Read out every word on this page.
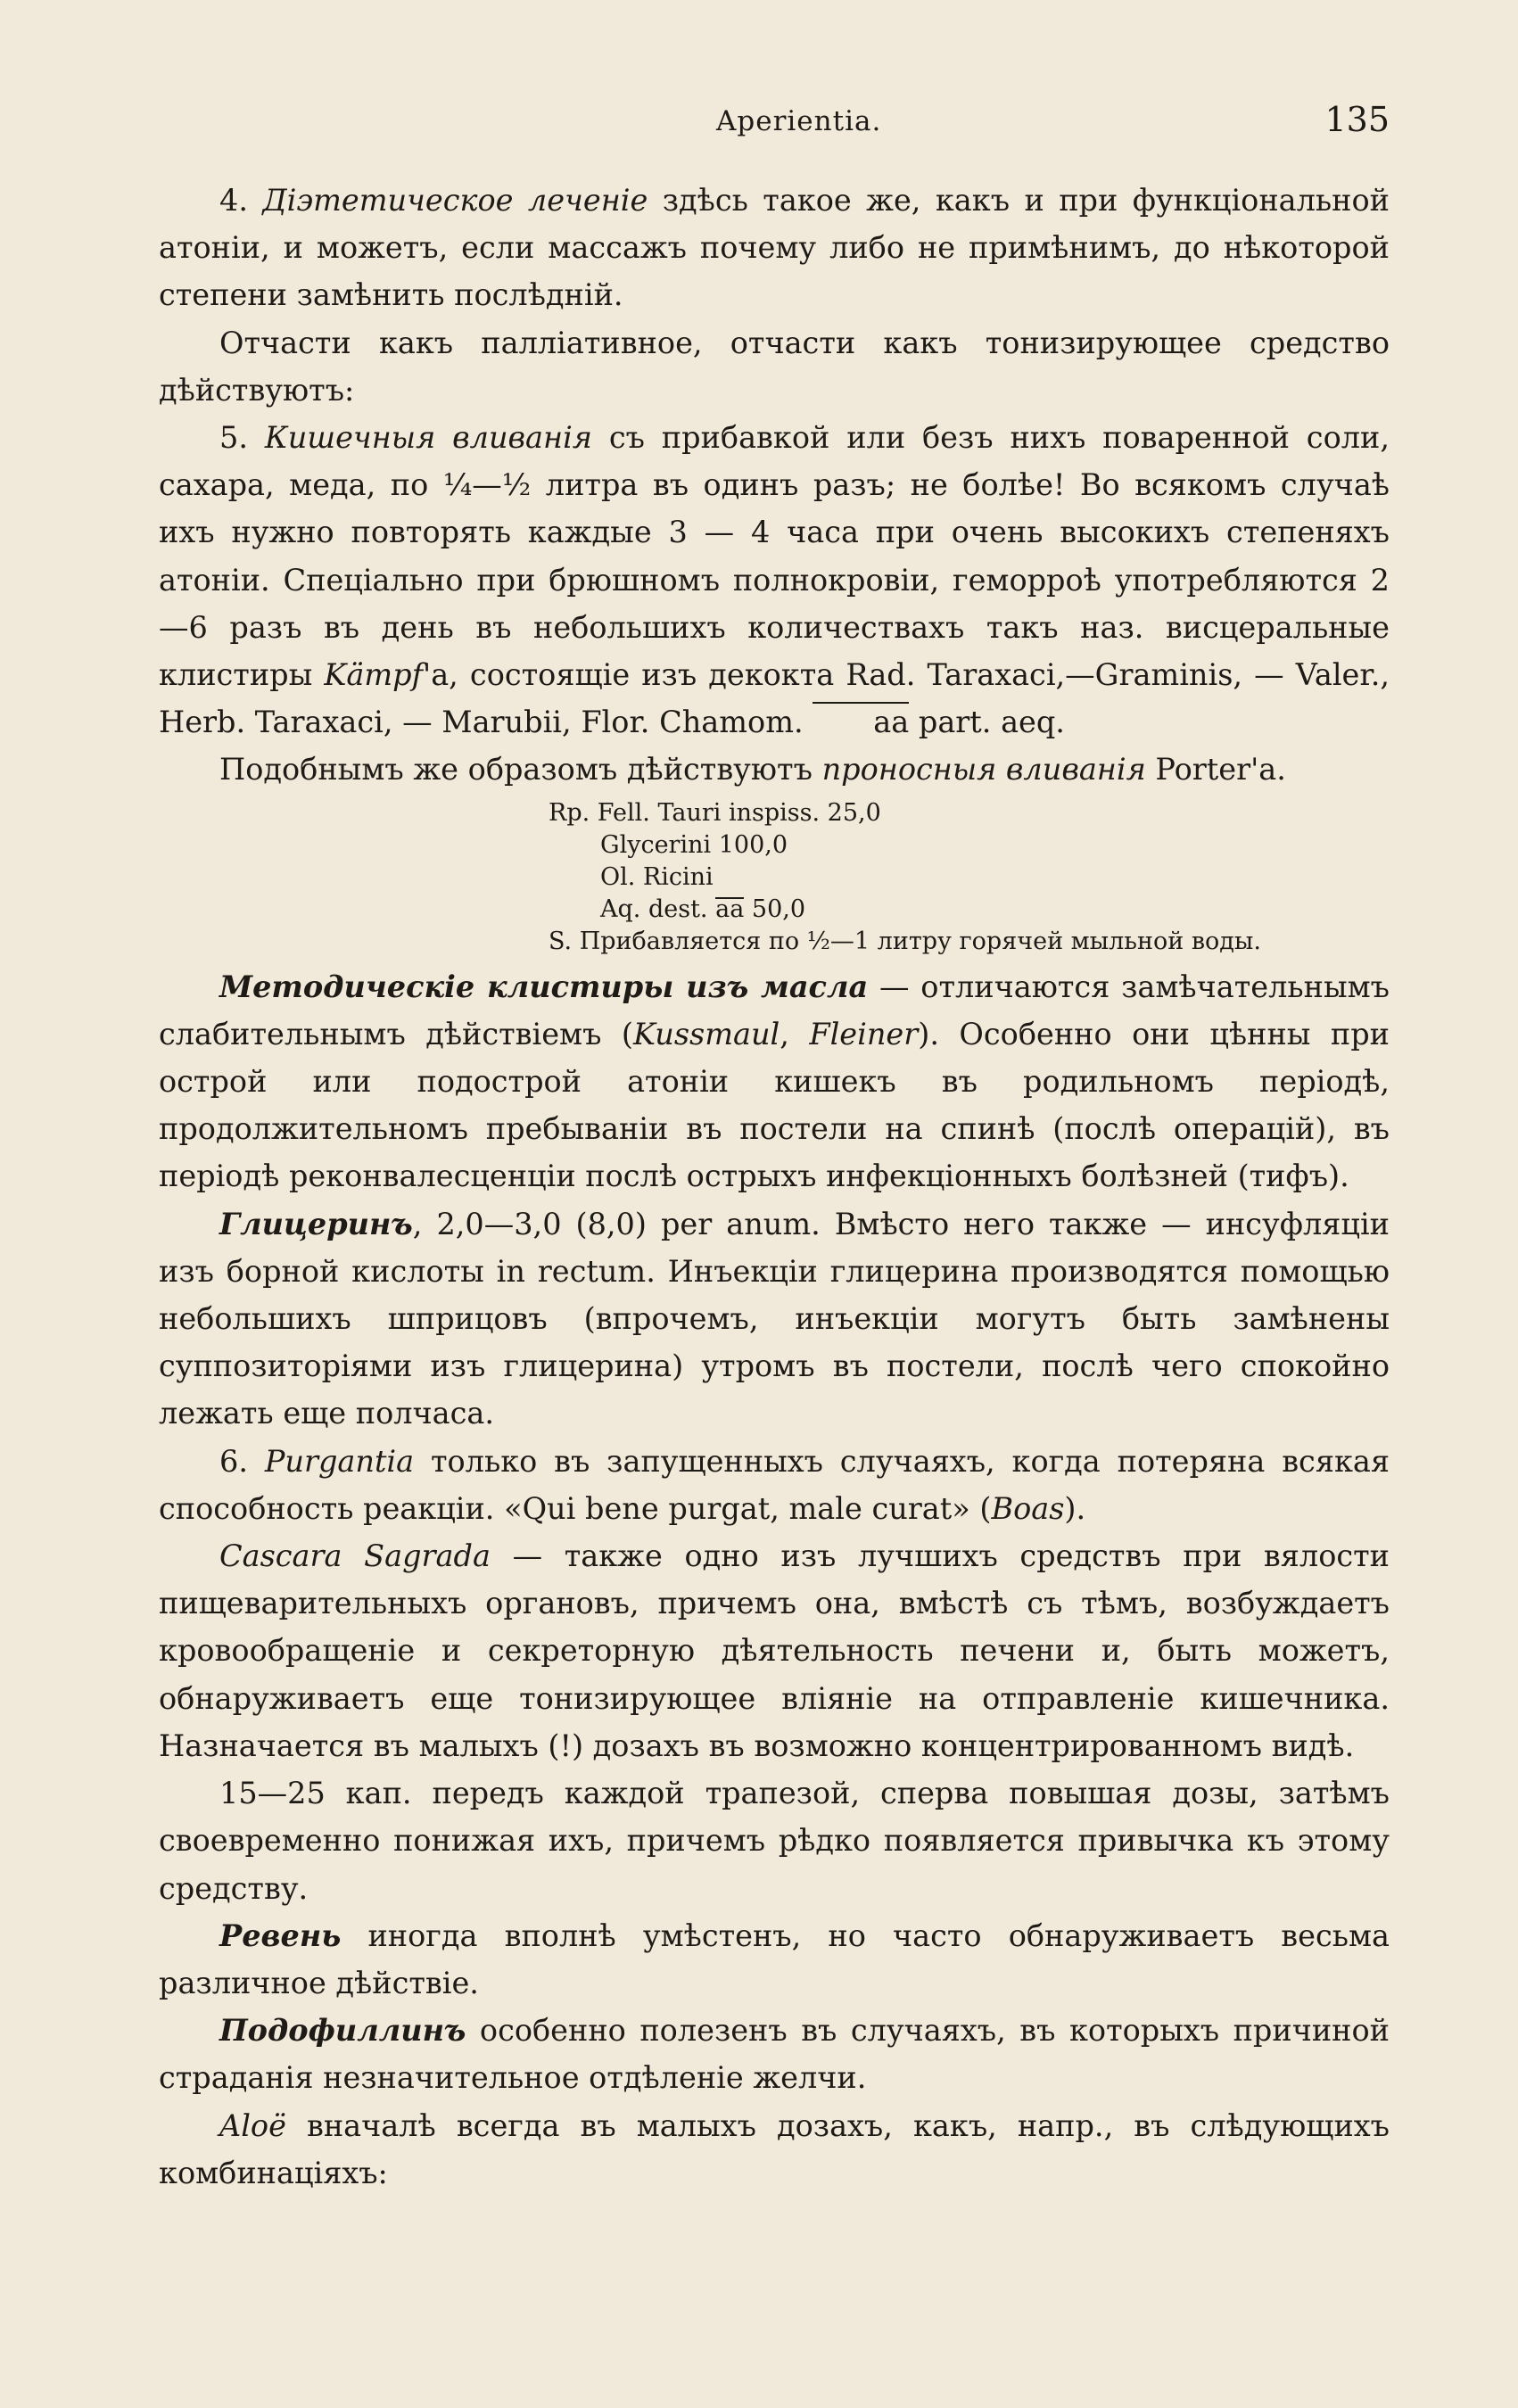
Aperientia.	135

4. Діэтетическое леченіе здѣсь такое же, какъ и при функціональной атоніи, и можетъ, если массажъ почему либо не примѣнимъ, до нѣкоторой степени замѣнить послѣдній.

Отчасти какъ палліативное, отчасти какъ тонизирующее средство дѣйствуютъ:

5. Кишечныя вливанія съ прибавкой или безъ нихъ поваренной соли, сахара, меда, по ¼—½ литра въ одинъ разъ; не болѣе! Во всякомъ случаѣ ихъ нужно повторять каждые 3 — 4 часа при очень высокихъ степеняхъ атоніи. Спеціально при брюшномъ полнокровіи, геморроѣ употребляются 2—6 разъ въ день въ небольшихъ количествахъ такъ наз. висцеральные клистиры Kämpf'а, состоящіе изъ декокта Rad. Taraxaci,—Graminis, — Valer., Herb. Taraxaci, — Marubii, Flor. Chamom. aa part. aeq.

Подобнымъ же образомъ дѣйствуютъ проносныя вливанія Porter'а.

Rp. Fell. Tauri inspiss. 25,0
Glycerini 100,0
Ol. Ricini
Aq. dest. aa 50,0
S. Прибавляется по ½—1 литру горячей мыльной воды.

Методическіе клистиры изъ масла — отличаются замѣчательнымъ слабительнымъ дѣйствіемъ (Kussmaul, Fleiner). Особенно они цѣнны при острой или подострой атоніи кишекъ въ родильномъ періодѣ, продолжительномъ пребываніи въ постели на спинѣ (послѣ операцій), въ періодѣ реконвалесценціи послѣ острыхъ инфекціонныхъ болѣзней (тифъ).

Глицеринъ, 2,0—3,0 (8,0) per anum. Вмѣсто него также — инсуфляціи изъ борной кислоты in rectum. Инъекціи глицерина производятся помощью небольшихъ шприцовъ (впрочемъ, инъекціи могутъ быть замѣнены суппозиторіями изъ глицерина) утромъ въ постели, послѣ чего спокойно лежать еще полчаса.

6. Purgantia только въ запущенныхъ случаяхъ, когда потеряна всякая способность реакціи. «Qui bene purgat, male curat» (Boas).

Cascara Sagrada — также одно изъ лучшихъ средствъ при вялости пищеварительныхъ органовъ, причемъ она, вмѣстѣ съ тѣмъ, возбуждаетъ кровообращеніе и секреторную дѣятельность печени и, быть можетъ, обнаруживаетъ еще тонизирующее вліяніе на отправленіе кишечника. Назначается въ малыхъ (!) дозахъ въ возможно концентрированномъ видѣ.

15—25 кап. передъ каждой трапезой, сперва повышая дозы, затѣмъ своевременно понижая ихъ, причемъ рѣдко появляется привычка къ этому средству.

Ревень иногда вполнѣ умѣстенъ, но часто обнаруживаетъ весьма различное дѣйствіе.

Подофиллинъ особенно полезенъ въ случаяхъ, въ которыхъ причиной страданія незначительное отдѣленіе желчи.

Aloë вначалѣ всегда въ малыхъ дозахъ, какъ, напр., въ слѣдующихъ комбинаціяхъ:
